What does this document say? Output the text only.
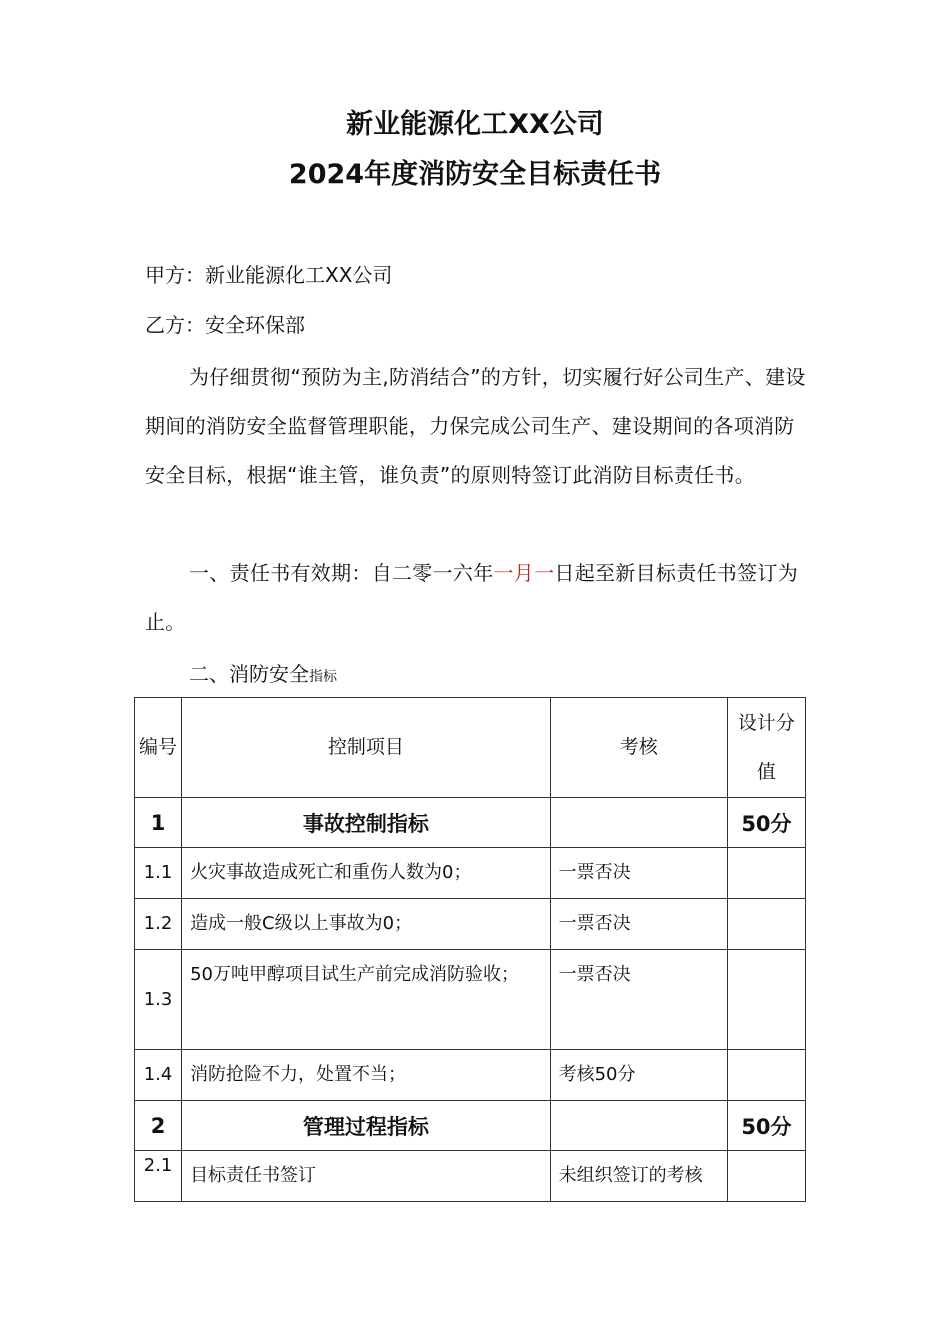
新业能源化工XX公司
2024年度消防安全目标责任书

甲方：新业能源化工XX公司

乙方：安全环保部

为仔细贯彻“预防为主,防消结合”的方针，切实履行好公司生产、建设期间的消防安全监督管理职能，力保完成公司生产、建设期间的各项消防安全目标，根据“谁主管，谁负责”的原则特签订此消防目标责任书。

一、责任书有效期：自二零一六年一月一日起至新目标责任书签订为止。

二、消防安全指标

编号	控制项目	考核	设计分值
1	事故控制指标		50分
1.1	火灾事故造成死亡和重伤人数为0；	一票否决	
1.2	造成一般C级以上事故为0；	一票否决	
1.3	50万吨甲醇项目试生产前完成消防验收；	一票否决	
1.4	消防抢险不力，处置不当；	考核50分	
2	管理过程指标		50分
2.1	目标责任书签订	未组织签订的考核	
